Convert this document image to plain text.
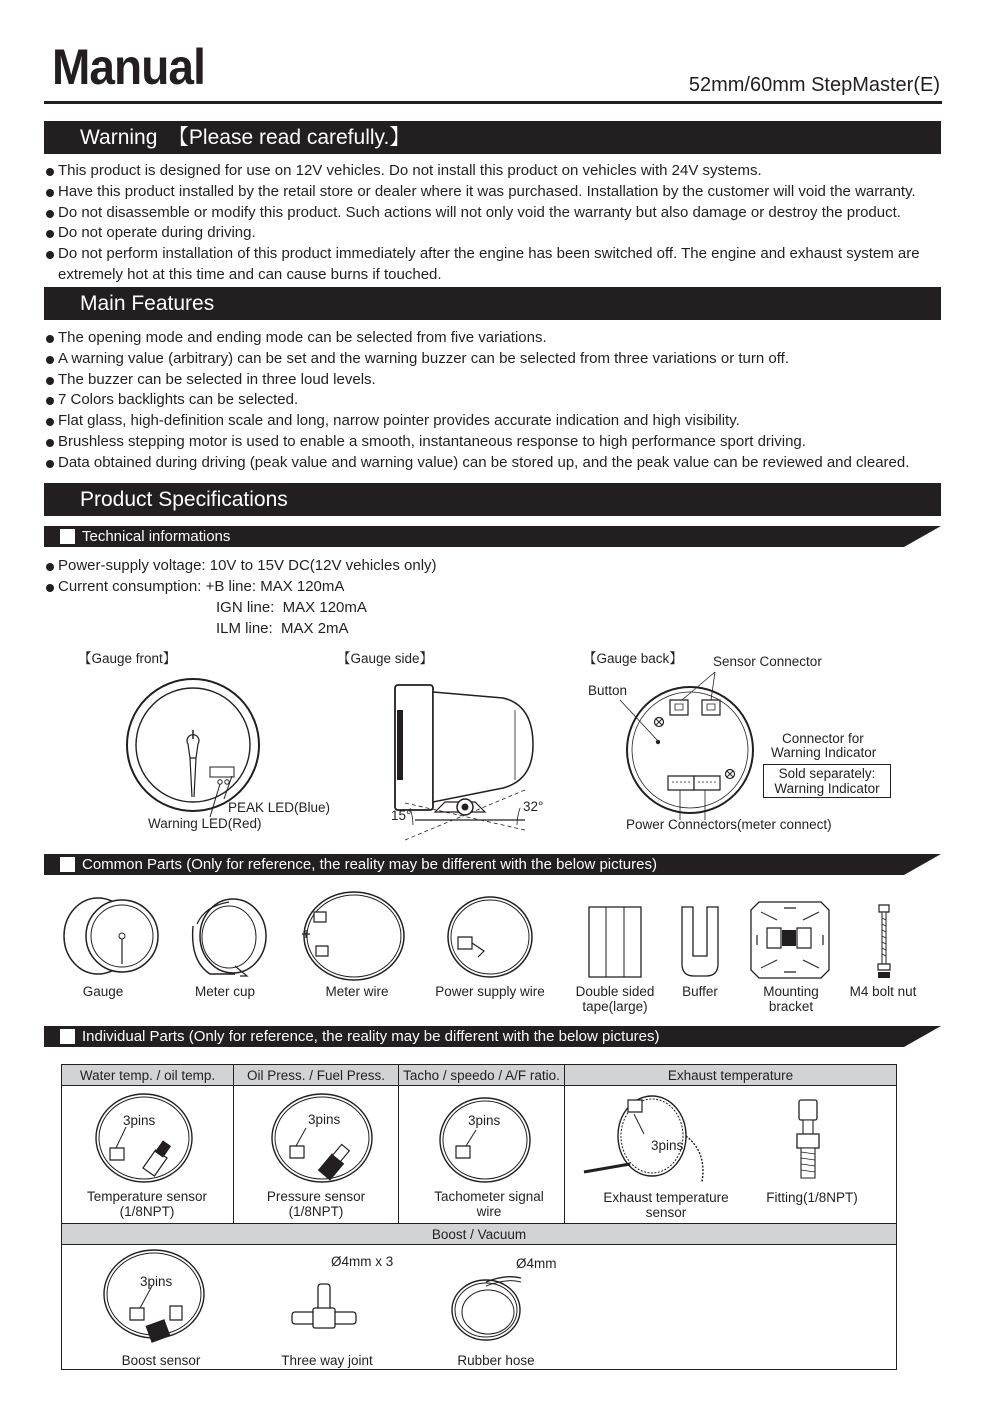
Manual	52mm/60mm StepMaster(E)
Warning　【Please read carefully.】
This product is designed for use on 12V vehicles. Do not install this product on vehicles with 24V systems.
Have this product installed by the retail store or dealer where it was purchased. Installation by the customer will void the warranty.
Do not disassemble or modify this product. Such actions will not only void the warranty but also damage or destroy the product.
Do not operate during driving.
Do not perform installation of this product immediately after the engine has been switched off. The engine and exhaust system are extremely hot at this time and can cause burns if touched.
Main Features
The opening mode and ending mode can be selected from five variations.
A warning value (arbitrary) can be set and the warning buzzer can be selected from three variations or turn off.
The buzzer can be selected in three loud levels.
7 Colors backlights can be selected.
Flat glass, high-definition scale and long, narrow pointer provides accurate indication and high visibility.
Brushless stepping motor is used to enable a smooth, instantaneous response to high performance sport driving.
Data obtained during driving (peak value and warning value) can be stored up, and the peak value can be reviewed and cleared.
Product Specifications
Technical informations
Power-supply voltage: 10V to 15V DC(12V vehicles only)
Current consumption: +B line: MAX 120mA
IGN line:  MAX 120mA
ILM line:  MAX 2mA
【Gauge front】	【Gauge side】	【Gauge back】
PEAK LED(Blue)
Warning LED(Red)
15°
32°
Sensor Connector
Button
Connector for
Warning Indicator
Sold separately:
Warning Indicator
Power Connectors(meter connect)
Common Parts (Only for reference, the reality may be different with the below pictures)
Gauge	Meter cup	Meter wire	Power supply wire	Double sided
tape(large)
Buffer	Mounting
bracket
M4 bolt nut
Individual Parts (Only for reference, the reality may be different with the below pictures)
Water temp. / oil temp.	Oil Press. / Fuel Press.	Tacho / speedo / A/F ratio.	Exhaust temperature
Boost / Vacuum
3pins	3pins	3pins
3pins
3pins
Temperature sensor
(1/8NPT)
Pressure sensor
(1/8NPT)
Tachometer signal
wire
Exhaust temperature
sensor
Fitting(1/8NPT)
Boost sensor	Three way joint
Ø4mm x 3
Rubber hose
Ø4mm
